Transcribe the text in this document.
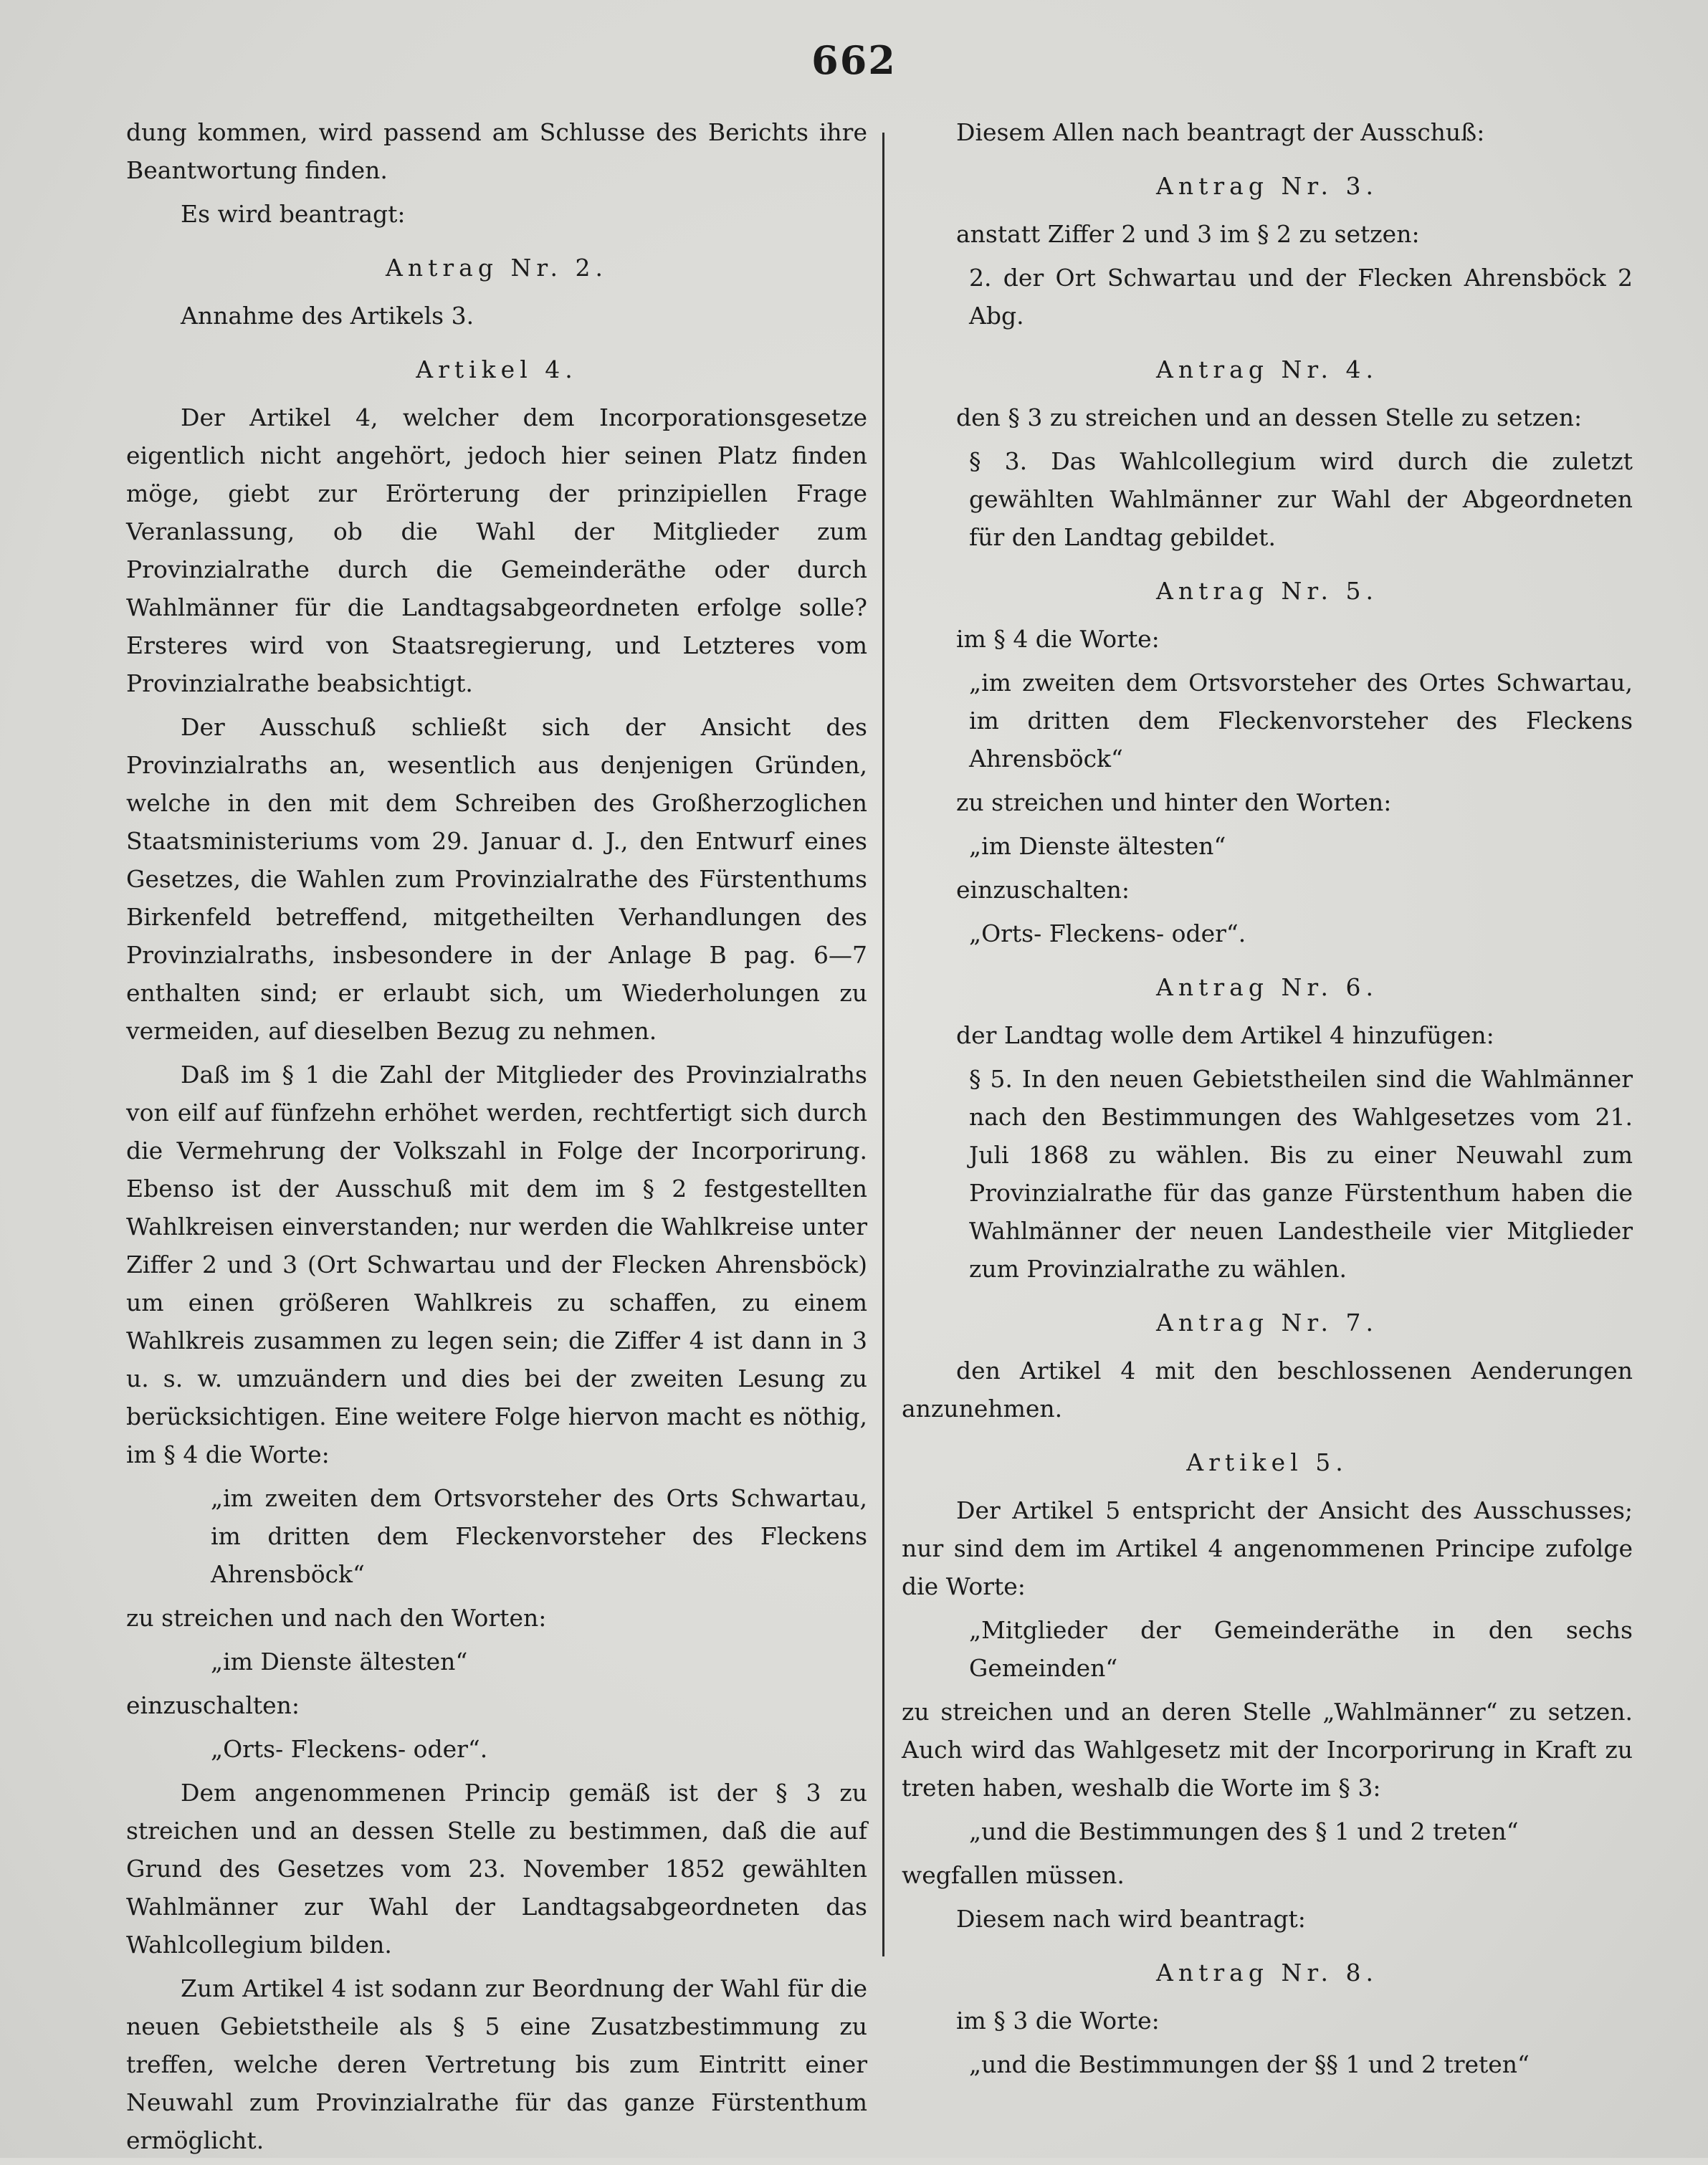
662
dung kommen, wird passend am Schlusse des Berichts ihre Beantwortung finden.
Es wird beantragt:
Antrag Nr. 2.
Annahme des Artikels 3.
Artikel 4.
Der Artikel 4, welcher dem Incorporationsgesetze eigentlich nicht angehört, jedoch hier seinen Platz finden möge, giebt zur Erörterung der prinzipiellen Frage Veranlassung, ob die Wahl der Mitglieder zum Provinzialrathe durch die Gemeinderäthe oder durch Wahlmänner für die Landtagsabgeordneten erfolge solle? Ersteres wird von Staatsregierung, und Letzteres vom Provinzialrathe beabsichtigt.
Der Ausschuß schließt sich der Ansicht des Provinzialraths an, wesentlich aus denjenigen Gründen, welche in den mit dem Schreiben des Großherzoglichen Staatsministeriums vom 29. Januar d. J., den Entwurf eines Gesetzes, die Wahlen zum Provinzialrathe des Fürstenthums Birkenfeld betreffend, mitgetheilten Verhandlungen des Provinzialraths, insbesondere in der Anlage B pag. 6—7 enthalten sind; er erlaubt sich, um Wiederholungen zu vermeiden, auf dieselben Bezug zu nehmen.
Daß im § 1 die Zahl der Mitglieder des Provinzialraths von eilf auf fünfzehn erhöhet werden, rechtfertigt sich durch die Vermehrung der Volkszahl in Folge der Incorporirung. Ebenso ist der Ausschuß mit dem im § 2 festgestellten Wahlkreisen einverstanden; nur werden die Wahlkreise unter Ziffer 2 und 3 (Ort Schwartau und der Flecken Ahrensböck) um einen größeren Wahlkreis zu schaffen, zu einem Wahlkreis zusammen zu legen sein; die Ziffer 4 ist dann in 3 u. s. w. umzuändern und dies bei der zweiten Lesung zu berücksichtigen. Eine weitere Folge hiervon macht es nöthig, im § 4 die Worte:
„im zweiten dem Ortsvorsteher des Orts Schwartau, im dritten dem Fleckenvorsteher des Fleckens Ahrensböck“
zu streichen und nach den Worten:
„im Dienste ältesten“
einzuschalten:
„Orts- Fleckens- oder“.
Dem angenommenen Princip gemäß ist der § 3 zu streichen und an dessen Stelle zu bestimmen, daß die auf Grund des Gesetzes vom 23. November 1852 gewählten Wahlmänner zur Wahl der Landtagsabgeordneten das Wahlcollegium bilden.
Zum Artikel 4 ist sodann zur Beordnung der Wahl für die neuen Gebietstheile als § 5 eine Zusatzbestimmung zu treffen, welche deren Vertretung bis zum Eintritt einer Neuwahl zum Provinzialrathe für das ganze Fürstenthum ermöglicht.
Diesem Allen nach beantragt der Ausschuß:
Antrag Nr. 3.
anstatt Ziffer 2 und 3 im § 2 zu setzen:
2. der Ort Schwartau und der Flecken Ahrensböck 2 Abg.
Antrag Nr. 4.
den § 3 zu streichen und an dessen Stelle zu setzen:
§ 3. Das Wahlcollegium wird durch die zuletzt gewählten Wahlmänner zur Wahl der Abgeordneten für den Landtag gebildet.
Antrag Nr. 5.
im § 4 die Worte:
„im zweiten dem Ortsvorsteher des Ortes Schwartau, im dritten dem Fleckenvorsteher des Fleckens Ahrensböck“
zu streichen und hinter den Worten:
„im Dienste ältesten“
einzuschalten:
„Orts- Fleckens- oder“.
Antrag Nr. 6.
der Landtag wolle dem Artikel 4 hinzufügen:
§ 5. In den neuen Gebietstheilen sind die Wahlmänner nach den Bestimmungen des Wahlgesetzes vom 21. Juli 1868 zu wählen. Bis zu einer Neuwahl zum Provinzialrathe für das ganze Fürstenthum haben die Wahlmänner der neuen Landestheile vier Mitglieder zum Provinzialrathe zu wählen.
Antrag Nr. 7.
den Artikel 4 mit den beschlossenen Aenderungen anzunehmen.
Artikel 5.
Der Artikel 5 entspricht der Ansicht des Ausschusses; nur sind dem im Artikel 4 angenommenen Principe zufolge die Worte:
„Mitglieder der Gemeinderäthe in den sechs Gemeinden“
zu streichen und an deren Stelle „Wahlmänner“ zu setzen. Auch wird das Wahlgesetz mit der Incorporirung in Kraft zu treten haben, weshalb die Worte im § 3:
„und die Bestimmungen des § 1 und 2 treten“
wegfallen müssen.
Diesem nach wird beantragt:
Antrag Nr. 8.
im § 3 die Worte:
„und die Bestimmungen der §§ 1 und 2 treten“
